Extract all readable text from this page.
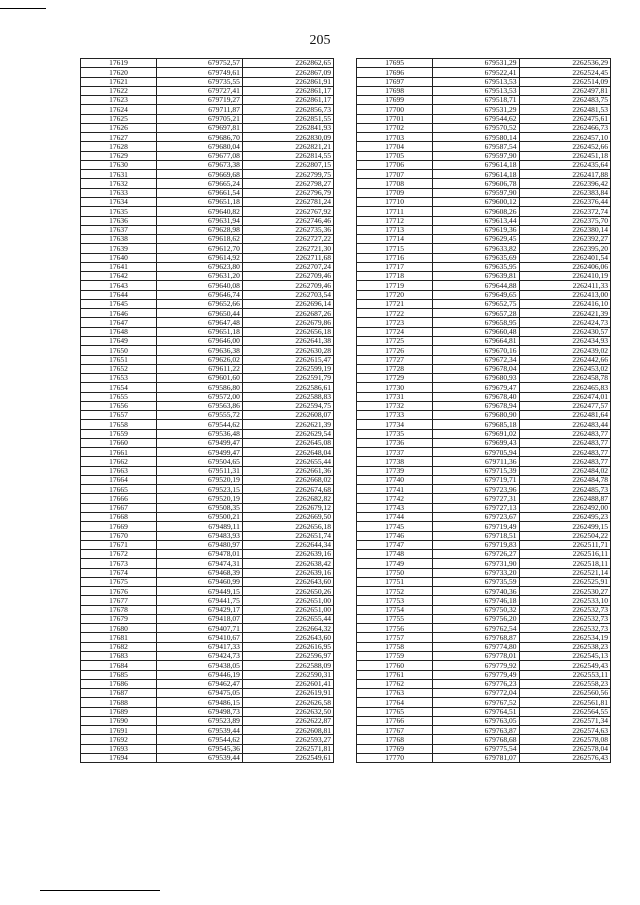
205
17619	679752,57	2262862,65
17620	679749,61	2262867,09
17621	679735,55	2262861,91
17622	679727,41	2262861,17
17623	679719,27	2262861,17
17624	679711,87	2262856,73
17625	679705,21	2262851,55
17626	679697,81	2262841,93
17627	679686,70	2262830,09
17628	679680,04	2262821,21
17629	679677,08	2262814,55
17630	679673,38	2262807,15
17631	679669,68	2262799,75
17632	679665,24	2262798,27
17633	679661,54	2262796,79
17634	679651,18	2262781,24
17635	679640,82	2262767,92
17636	679631,94	2262746,46
17637	679628,98	2262735,36
17638	679618,62	2262727,22
17639	679612,70	2262721,30
17640	679614,92	2262711,68
17641	679623,80	2262707,24
17642	679631,20	2262709,46
17643	679640,08	2262709,46
17644	679646,74	2262703,54
17645	679652,66	2262696,14
17646	679650,44	2262687,26
17647	679647,48	2262679,86
17648	679651,18	2262656,18
17649	679646,00	2262641,38
17650	679636,38	2262630,28
17651	679626,02	2262615,47
17652	679611,22	2262599,19
17653	679601,60	2262591,79
17654	679586,80	2262586,61
17655	679572,00	2262588,83
17656	679563,86	2262594,75
17657	679555,72	2262608,07
17658	679544,62	2262621,39
17659	679536,48	2262629,54
17660	679499,47	2262645,08
17661	679499,47	2262648,04
17662	679504,65	2262655,44
17663	679511,31	2262661,36
17664	679520,19	2262668,02
17665	679523,15	2262674,68
17666	679520,19	2262682,82
17667	679508,35	2262679,12
17668	679500,21	2262669,50
17669	679489,11	2262656,18
17670	679483,93	2262651,74
17671	679480,97	2262644,34
17672	679478,01	2262639,16
17673	679474,31	2262638,42
17674	679468,39	2262639,16
17675	679460,99	2262643,60
17676	679449,15	2262650,26
17677	679441,75	2262651,00
17678	679429,17	2262651,00
17679	679418,07	2262655,44
17680	679407,71	2262664,32
17681	679410,67	2262643,60
17682	679417,33	2262616,95
17683	679424,73	2262596,97
17684	679438,05	2262588,09
17685	679446,19	2262590,31
17686	679462,47	2262601,41
17687	679475,05	2262619,91
17688	679486,15	2262626,58
17689	679498,73	2262632,50
17690	679523,89	2262622,87
17691	679539,44	2262608,81
17692	679544,62	2262593,27
17693	679545,36	2262571,81
17694	679539,44	2262549,61
17695	679531,29	2262536,29
17696	679522,41	2262524,45
17697	679513,53	2262514,09
17698	679513,53	2262497,81
17699	679518,71	2262483,75
17700	679531,29	2262481,53
17701	679544,62	2262475,61
17702	679570,52	2262466,73
17703	679580,14	2262457,10
17704	679587,54	2262452,66
17705	679597,90	2262451,18
17706	679614,18	2262435,64
17707	679614,18	2262417,88
17708	679606,78	2262396,42
17709	679597,90	2262383,84
17710	679600,12	2262376,44
17711	679608,26	2262372,74
17712	679613,44	2262375,70
17713	679619,36	2262380,14
17714	679629,45	2262392,27
17715	679633,82	2262395,20
17716	679635,69	2262401,54
17717	679635,95	2262406,06
17718	679639,81	2262410,19
17719	679644,88	2262411,33
17720	679649,65	2262413,00
17721	679652,75	2262416,10
17722	679657,28	2262421,39
17723	679658,95	2262424,73
17724	679660,48	2262430,57
17725	679664,81	2262434,93
17726	679670,16	2262439,02
17727	679672,34	2262442,66
17728	679678,04	2262453,02
17729	679680,93	2262458,78
17730	679679,47	2262465,83
17731	679678,40	2262474,01
17732	679678,94	2262477,57
17733	679680,90	2262481,64
17734	679685,18	2262483,44
17735	679691,02	2262483,77
17736	679699,43	2262483,77
17737	679705,94	2262483,77
17738	679711,36	2262483,77
17739	679715,39	2262484,02
17740	679719,71	2262484,78
17741	679723,96	2262485,73
17742	679727,31	2262488,87
17743	679727,13	2262492,00
17744	679723,67	2262495,23
17745	679719,49	2262499,15
17746	679718,51	2262504,22
17747	679719,83	2262511,71
17748	679726,27	2262516,11
17749	679731,90	2262518,11
17750	679733,20	2262521,14
17751	679735,59	2262525,91
17752	679740,36	2262530,27
17753	679746,18	2262533,10
17754	679750,32	2262532,73
17755	679756,20	2262532,73
17756	679762,54	2262532,73
17757	679768,87	2262534,19
17758	679774,80	2262538,23
17759	679778,01	2262545,13
17760	679779,92	2262549,43
17761	679779,49	2262553,11
17762	679776,23	2262558,23
17763	679772,04	2262560,56
17764	679767,52	2262561,81
17765	679764,51	2262564,55
17766	679763,05	2262571,34
17767	679763,87	2262574,63
17768	679768,68	2262578,08
17769	679775,54	2262578,04
17770	679781,07	2262576,43
